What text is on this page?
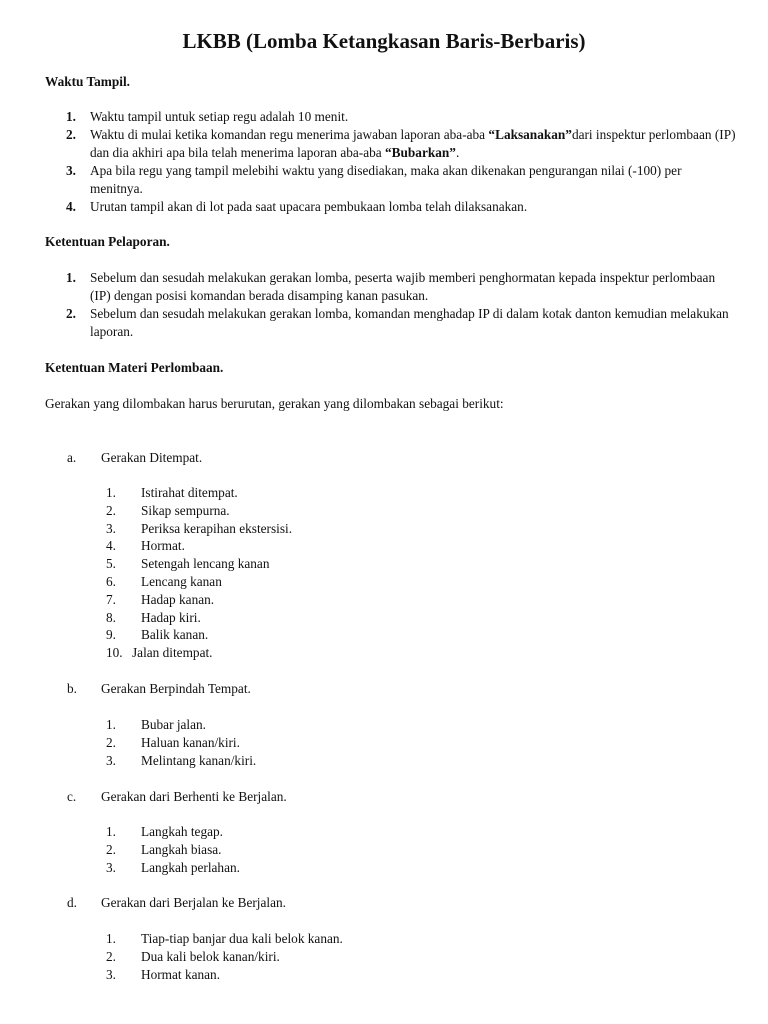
LKBB (Lomba Ketangkasan Baris-Berbaris)
Waktu Tampil.
1. Waktu tampil untuk setiap regu adalah 10 menit.
2. Waktu di mulai ketika komandan regu menerima jawaban laporan aba-aba “Laksanakan”dari inspektur perlombaan (IP) dan dia akhiri apa bila telah menerima laporan aba-aba “Bubarkan”.
3. Apa bila regu yang tampil melebihi waktu yang disediakan, maka akan dikenakan pengurangan nilai (-100) per menitnya.
4. Urutan tampil akan di lot pada saat upacara pembukaan lomba telah dilaksanakan.
Ketentuan Pelaporan.
1. Sebelum dan sesudah melakukan gerakan lomba, peserta wajib memberi penghormatan kepada inspektur perlombaan (IP) dengan posisi komandan berada disamping kanan pasukan.
2. Sebelum dan sesudah melakukan gerakan lomba, komandan menghadap IP di dalam kotak danton kemudian melakukan laporan.
Ketentuan Materi Perlombaan.
Gerakan yang dilombakan harus berurutan, gerakan yang dilombakan sebagai berikut:
a. Gerakan Ditempat.
1. Istirahat ditempat.
2. Sikap sempurna.
3. Periksa kerapihan ekstersisi.
4. Hormat.
5. Setengah lencang kanan
6. Lencang kanan
7. Hadap kanan.
8. Hadap kiri.
9. Balik kanan.
10. Jalan ditempat.
b. Gerakan Berpindah Tempat.
1. Bubar jalan.
2. Haluan kanan/kiri.
3. Melintang kanan/kiri.
c. Gerakan dari Berhenti ke Berjalan.
1. Langkah tegap.
2. Langkah biasa.
3. Langkah perlahan.
d. Gerakan dari Berjalan ke Berjalan.
1. Tiap-tiap banjar dua kali belok kanan.
2. Dua kali belok kanan/kiri.
3. Hormat kanan.
